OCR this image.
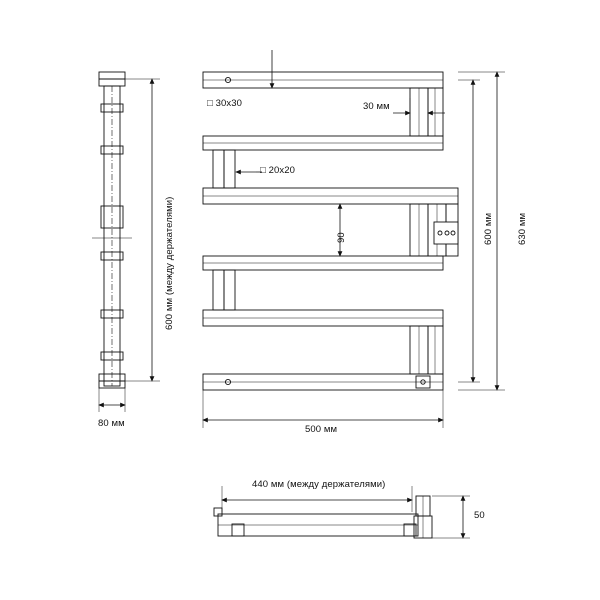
600 мм (между держателями)
80 мм
□ 30x30
□ 20x20
30 мм
90	600 мм 630 мм
500 мм
440 мм (между держателями)
50
